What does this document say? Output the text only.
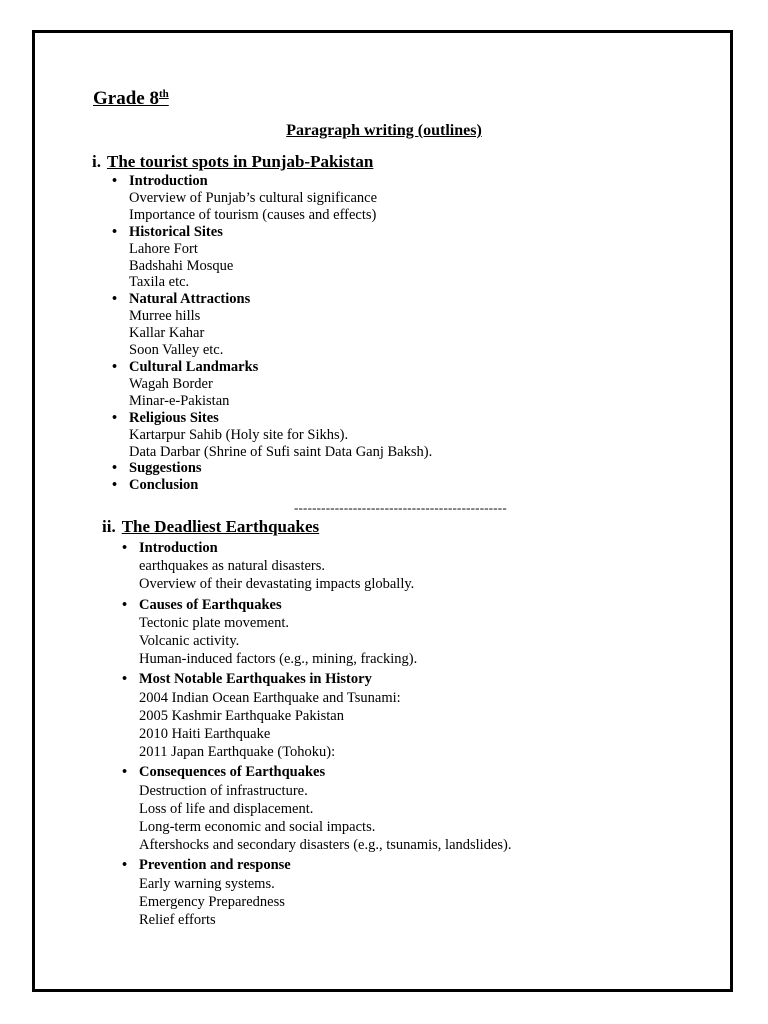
Grade 8th
Paragraph writing (outlines)
i. The tourist spots in Punjab-Pakistan
• Introduction
Overview of Punjab’s cultural significance
Importance of tourism (causes and effects)
• Historical Sites
Lahore Fort
Badshahi Mosque
Taxila etc.
• Natural Attractions
Murree hills
Kallar Kahar
Soon Valley etc.
• Cultural Landmarks
Wagah Border
Minar-e-Pakistan
• Religious Sites
Kartarpur Sahib (Holy site for Sikhs).
Data Darbar (Shrine of Sufi saint Data Ganj Baksh).
• Suggestions
• Conclusion
-----------------------------------------------
ii. The Deadliest Earthquakes
• Introduction
earthquakes as natural disasters.
Overview of their devastating impacts globally.
• Causes of Earthquakes
Tectonic plate movement.
Volcanic activity.
Human-induced factors (e.g., mining, fracking).
• Most Notable Earthquakes in History
2004 Indian Ocean Earthquake and Tsunami:
2005 Kashmir Earthquake Pakistan
2010 Haiti Earthquake
2011 Japan Earthquake (Tohoku):
• Consequences of Earthquakes
Destruction of infrastructure.
Loss of life and displacement.
Long-term economic and social impacts.
Aftershocks and secondary disasters (e.g., tsunamis, landslides).
• Prevention and response
Early warning systems.
Emergency Preparedness
Relief efforts
